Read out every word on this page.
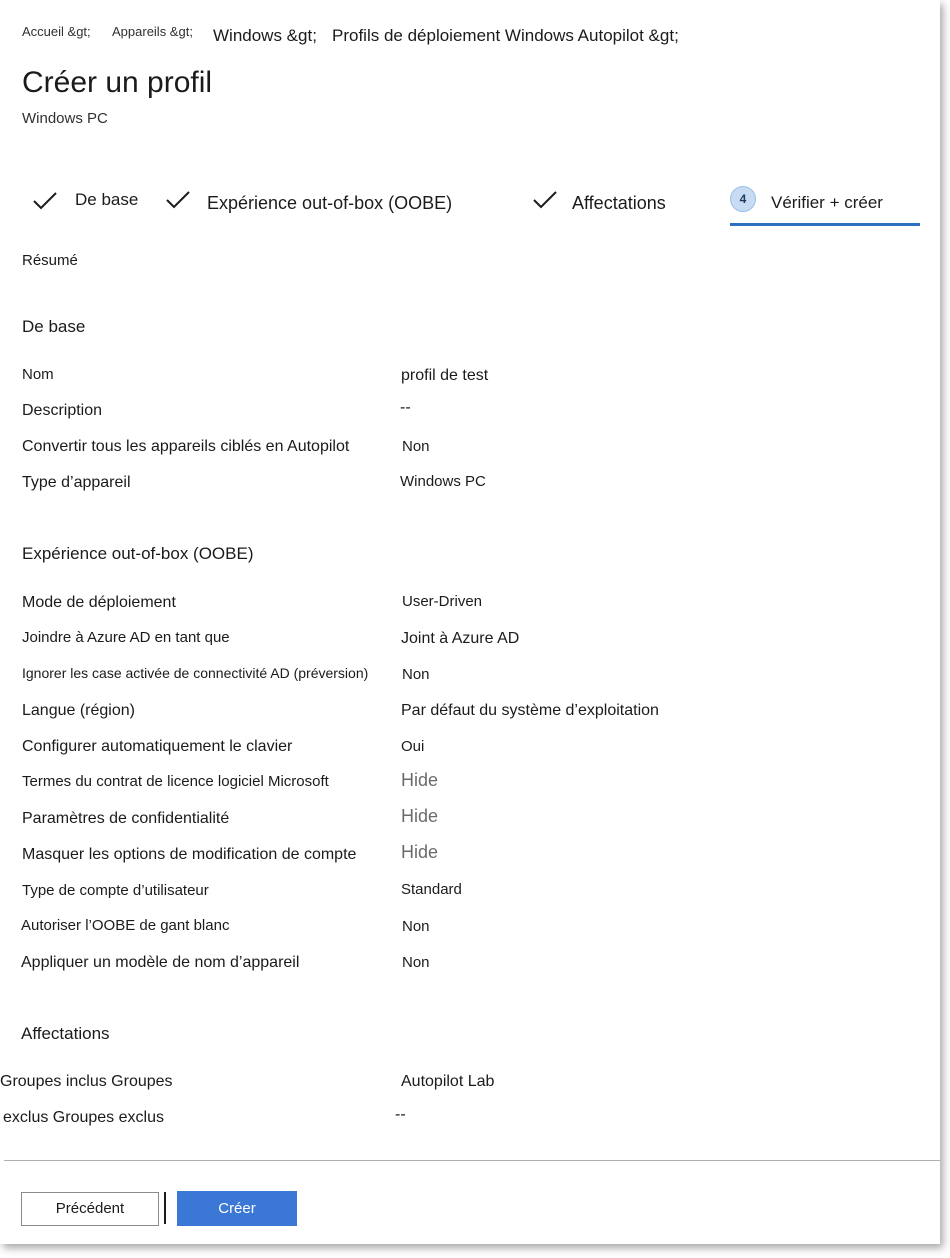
Accueil &gt; Appareils &gt; Windows &gt; Profils de déploiement Windows Autopilot &gt;
Créer un profil
Windows PC
De base	Expérience out-of-box (OOBE)	Affectations	4	Vérifier + créer
Résumé
De base
Nom	profil de test
Description	--
Convertir tous les appareils ciblés en Autopilot	Non
Type d’appareil	Windows PC
Expérience out-of-box (OOBE)
Mode de déploiement	User-Driven
Joindre à Azure AD en tant que	Joint à Azure AD
Ignorer les case activée de connectivité AD (préversion) Non
Langue (région)	Par défaut du système d’exploitation
Configurer automatiquement le clavier	Oui
Termes du contrat de licence logiciel Microsoft	Hide
Paramètres de confidentialité	Hide
Masquer les options de modification de compte Hide
Type de compte d’utilisateur	Standard
Autoriser l’OOBE de gant blanc	Non
Appliquer un modèle de nom d’appareil	Non
Affectations
Groupes inclus Groupes	Autopilot Lab
exclus Groupes exclus	--
Précédent	Créer
